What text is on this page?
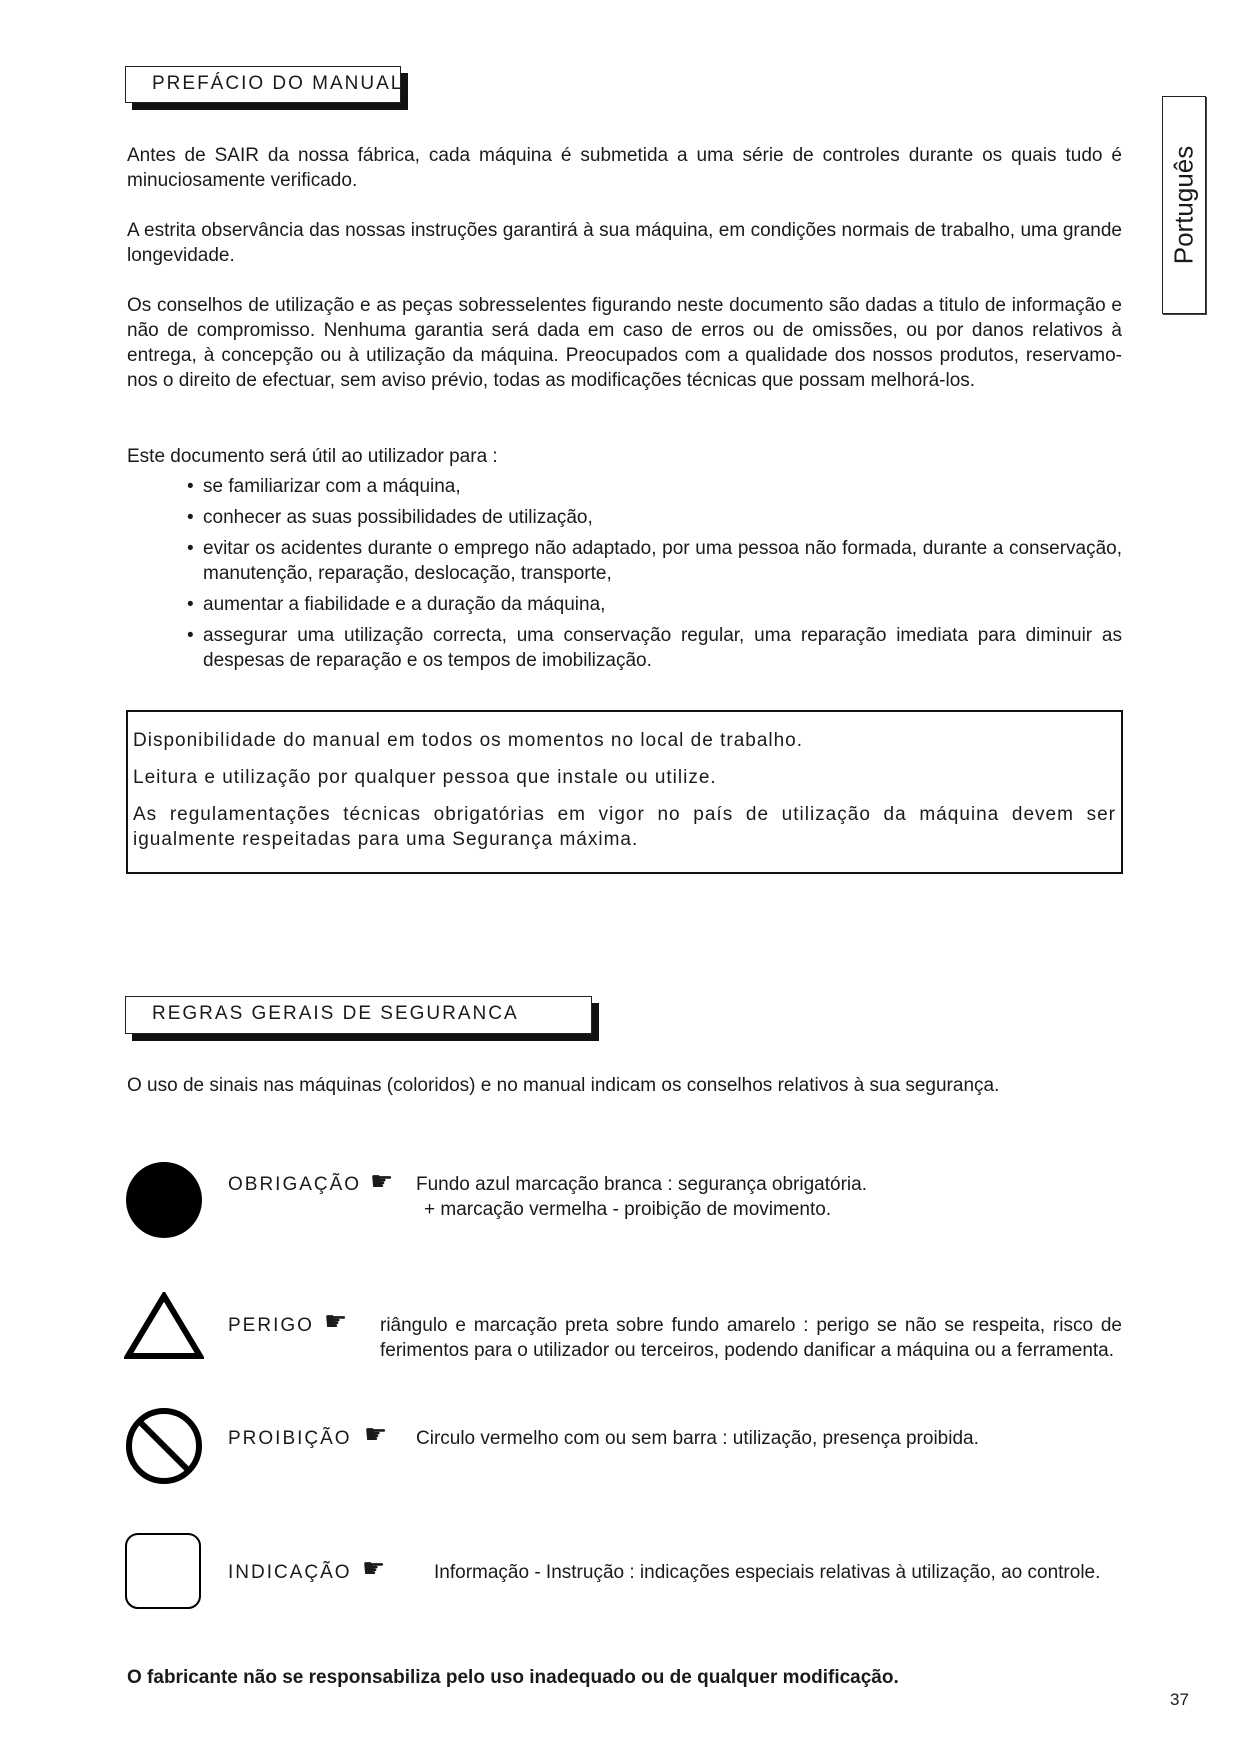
Português
PREFÁCIO DO MANUAL

Antes de SAIR da nossa fábrica, cada máquina é submetida a uma série de controles durante os quais tudo é minuciosamente verificado.

A estrita observância das nossas instruções garantirá à sua máquina, em condições normais de trabalho, uma grande longevidade.

Os conselhos de utilização e as peças sobresselentes figurando neste documento são dadas a titulo de informação e não de compromisso. Nenhuma garantia será dada em caso de erros ou de omissões, ou por danos relativos à entrega, à concepção ou à utilização da máquina. Preocupados com a qualidade dos nossos produtos, reservamo-nos o direito de efectuar, sem aviso prévio, todas as modificações técnicas que possam melhorá-los.

Este documento será útil ao utilizador para :

• se familiarizar com a máquina,
• conhecer as suas possibilidades de utilização,
• evitar os acidentes durante o emprego não adaptado, por uma pessoa não formada, durante a conservação, manutenção, reparação, deslocação, transporte,
• aumentar a fiabilidade e a duração da máquina,
• assegurar uma utilização correcta, uma conservação regular, uma reparação imediata para diminuir as despesas de reparação e os tempos de imobilização.

Disponibilidade do manual em todos os momentos no local de trabalho.

Leitura e utilização por qualquer pessoa que instale ou utilize.

As regulamentações técnicas obrigatórias em vigor no país de utilização da máquina devem ser igualmente respeitadas para uma Segurança máxima.

REGRAS GERAIS DE SEGURANCA

O uso de sinais nas máquinas (coloridos) e no manual indicam os conselhos relativos à sua segurança.

OBRIGAÇÃO ☛ Fundo azul marcação branca : segurança obrigatória.

+ marcação vermelha - proibição de movimento.

PERIGO ☛ riângulo e marcação preta sobre fundo amarelo : perigo se não se respeita, risco de ferimentos para o utilizador ou terceiros, podendo danificar a máquina ou a ferramenta.

PROIBIÇÃO ☛ Circulo vermelho com ou sem barra : utilização, presença proibida.

INDICAÇÃO ☛	Informação - Instrução : indicações especiais relativas à utilização, ao controle.

O fabricante não se responsabiliza pelo uso inadequado ou de qualquer modificação.
37
